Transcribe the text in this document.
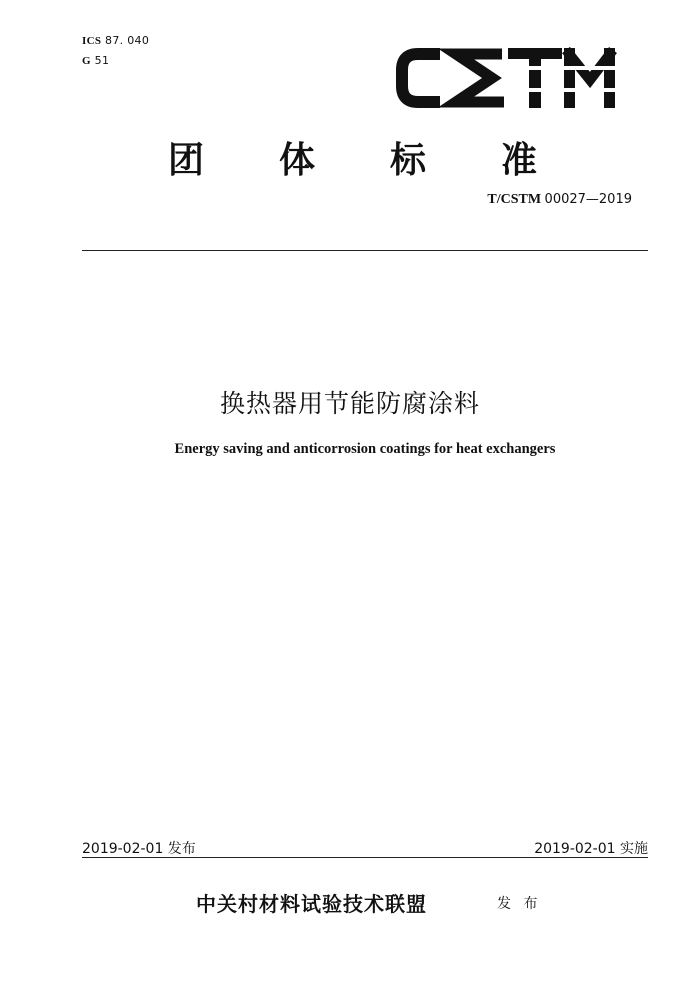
ICS 87. 040
G 51
团	体	标	准
T/CSTM 00027—2019
换热器用节能防腐涂料
Energy saving and anticorrosion coatings for heat exchangers
2019-02-01 发布	2019-02-01 实施
中关村材料试验技术联盟	发 布
